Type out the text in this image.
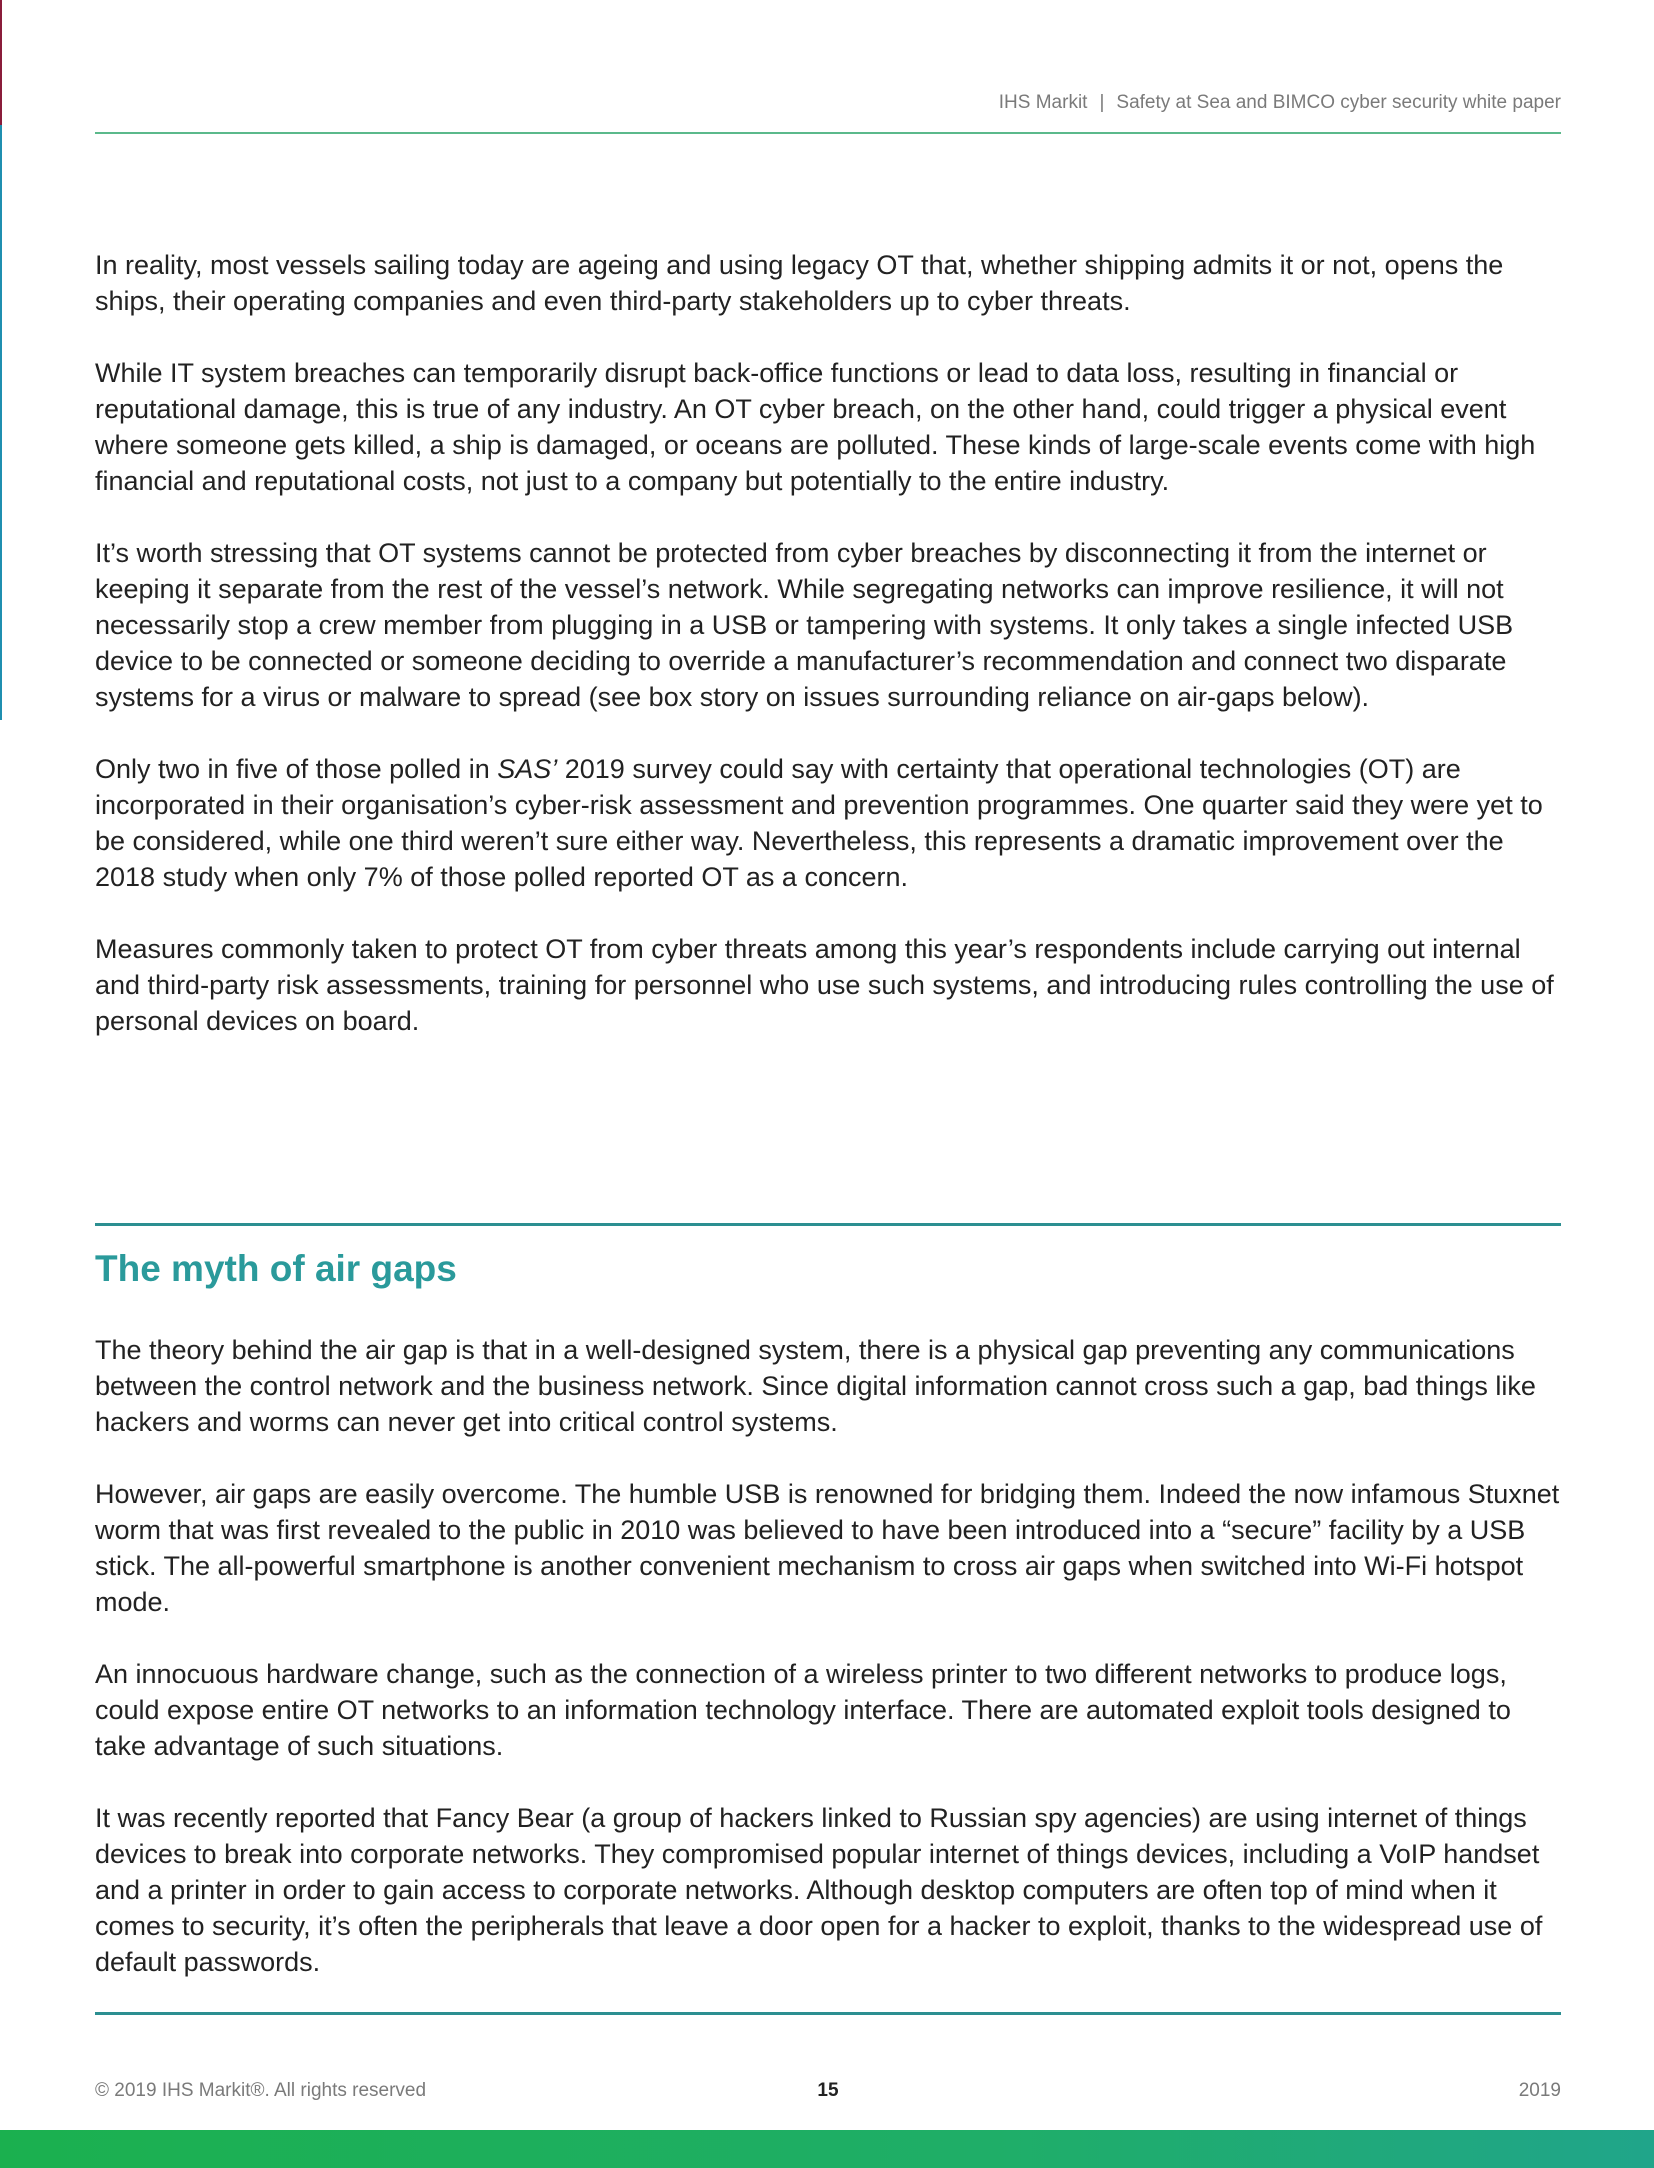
IHS Markit | Safety at Sea and BIMCO cyber security white paper

In reality, most vessels sailing today are ageing and using legacy OT that, whether shipping admits it or not, opens the ships, their operating companies and even third-party stakeholders up to cyber threats.

While IT system breaches can temporarily disrupt back-office functions or lead to data loss, resulting in financial or reputational damage, this is true of any industry. An OT cyber breach, on the other hand, could trigger a physical event where someone gets killed, a ship is damaged, or oceans are polluted. These kinds of large-scale events come with high financial and reputational costs, not just to a company but potentially to the entire industry.

It’s worth stressing that OT systems cannot be protected from cyber breaches by disconnecting it from the internet or keeping it separate from the rest of the vessel’s network. While segregating networks can improve resilience, it will not necessarily stop a crew member from plugging in a USB or tampering with systems. It only takes a single infected USB device to be connected or someone deciding to override a manufacturer’s recommendation and connect two disparate systems for a virus or malware to spread (see box story on issues surrounding reliance on air-gaps below).

Only two in five of those polled in SAS’ 2019 survey could say with certainty that operational technologies (OT) are incorporated in their organisation’s cyber-risk assessment and prevention programmes. One quarter said they were yet to be considered, while one third weren’t sure either way. Nevertheless, this represents a dramatic improvement over the 2018 study when only 7% of those polled reported OT as a concern.

Measures commonly taken to protect OT from cyber threats among this year’s respondents include carrying out internal and third-party risk assessments, training for personnel who use such systems, and introducing rules controlling the use of personal devices on board.

The myth of air gaps

The theory behind the air gap is that in a well-designed system, there is a physical gap preventing any communications between the control network and the business network. Since digital information cannot cross such a gap, bad things like hackers and worms can never get into critical control systems.

However, air gaps are easily overcome. The humble USB is renowned for bridging them. Indeed the now infamous Stuxnet worm that was first revealed to the public in 2010 was believed to have been introduced into a “secure” facility by a USB stick. The all-powerful smartphone is another convenient mechanism to cross air gaps when switched into Wi-Fi hotspot mode.

An innocuous hardware change, such as the connection of a wireless printer to two different networks to produce logs, could expose entire OT networks to an information technology interface. There are automated exploit tools designed to take advantage of such situations.

It was recently reported that Fancy Bear (a group of hackers linked to Russian spy agencies) are using internet of things devices to break into corporate networks. They compromised popular internet of things devices, including a VoIP handset and a printer in order to gain access to corporate networks. Although desktop computers are often top of mind when it comes to security, it’s often the peripherals that leave a door open for a hacker to exploit, thanks to the widespread use of default passwords.

© 2019 IHS Markit®. All rights reserved	15	2019
